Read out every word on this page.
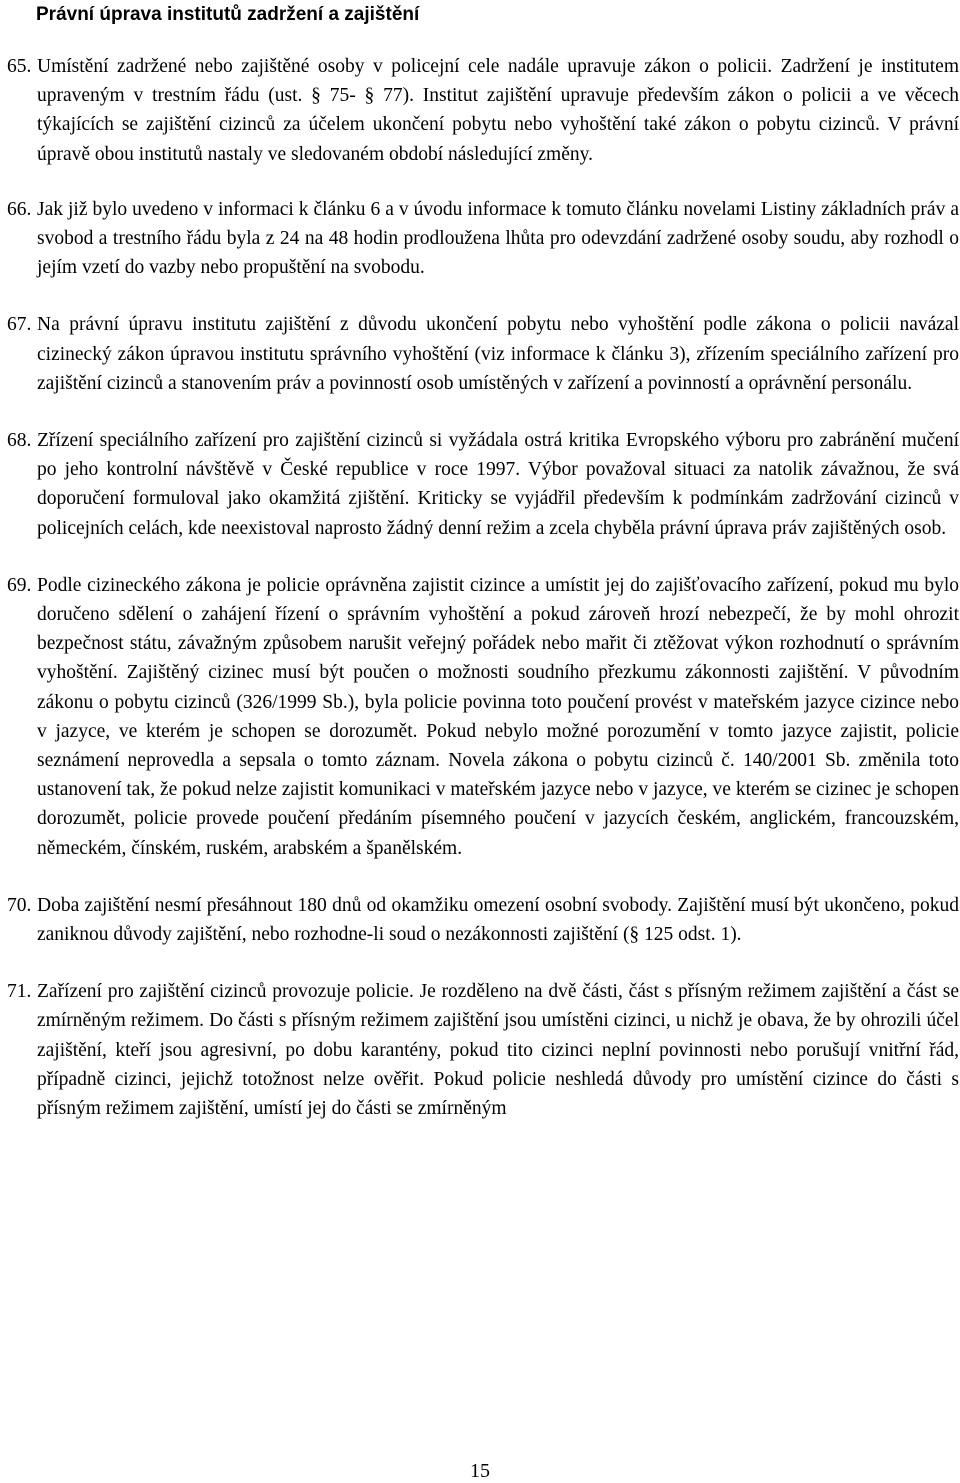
Právní úprava institutů zadržení a zajištění

65. Umístění zadržené nebo zajištěné osoby v policejní cele nadále upravuje zákon o policii. Zadržení je institutem upraveným v trestním řádu (ust. § 75- § 77). Institut zajištění upravuje především zákon o policii a ve věcech týkajících se zajištění cizinců za účelem ukončení pobytu nebo vyhoštění také zákon o pobytu cizinců. V právní úpravě obou institutů nastaly ve sledovaném období následující změny.

66. Jak již bylo uvedeno v informaci k článku 6 a v úvodu informace k tomuto článku novelami Listiny základních práv a svobod a trestního řádu byla z 24 na 48 hodin prodloužena lhůta pro odevzdání zadržené osoby soudu, aby rozhodl o jejím vzetí do vazby nebo propuštění na svobodu.

67. Na právní úpravu institutu zajištění z důvodu ukončení pobytu nebo vyhoštění podle zákona o policii navázal cizinecký zákon úpravou institutu správního vyhoštění (viz informace k článku 3), zřízením speciálního zařízení pro zajištění cizinců a stanovením práv a povinností osob umístěných v zařízení a povinností a oprávnění personálu.

68. Zřízení speciálního zařízení pro zajištění cizinců si vyžádala ostrá kritika Evropského výboru pro zabránění mučení po jeho kontrolní návštěvě v České republice v roce 1997. Výbor považoval situaci za natolik závažnou, že svá doporučení formuloval jako okamžitá zjištění. Kriticky se vyjádřil především k podmínkám zadržování cizinců v policejních celách, kde neexistoval naprosto žádný denní režim a zcela chyběla právní úprava práv zajištěných osob.

69. Podle cizineckého zákona je policie oprávněna zajistit cizince a umístit jej do zajišťovacího zařízení, pokud mu bylo doručeno sdělení o zahájení řízení o správním vyhoštění a pokud zároveň hrozí nebezpečí, že by mohl ohrozit bezpečnost státu, závažným způsobem narušit veřejný pořádek nebo mařit či ztěžovat výkon rozhodnutí o správním vyhoštění. Zajištěný cizinec musí být poučen o možnosti soudního přezkumu zákonnosti zajištění. V původním zákonu o pobytu cizinců (326/1999 Sb.), byla policie povinna toto poučení provést v mateřském jazyce cizince nebo v jazyce, ve kterém je schopen se dorozumět. Pokud nebylo možné porozumění v tomto jazyce zajistit, policie seznámení neprovedla a sepsala o tomto záznam. Novela zákona o pobytu cizinců č. 140/2001 Sb. změnila toto ustanovení tak, že pokud nelze zajistit komunikaci v mateřském jazyce nebo v jazyce, ve kterém se cizinec je schopen dorozumět, policie provede poučení předáním písemného poučení v jazycích českém, anglickém, francouzském, německém, čínském, ruském, arabském a španělském.

70. Doba zajištění nesmí přesáhnout 180 dnů od okamžiku omezení osobní svobody. Zajištění musí být ukončeno, pokud zaniknou důvody zajištění, nebo rozhodne-li soud o nezákonnosti zajištění (§ 125 odst. 1).

71. Zařízení pro zajištění cizinců provozuje policie. Je rozděleno na dvě části, část s přísným režimem zajištění a část se zmírněným režimem. Do části s přísným režimem zajištění jsou umístěni cizinci, u nichž je obava, že by ohrozili účel zajištění, kteří jsou agresivní, po dobu karantény, pokud tito cizinci neplní povinnosti nebo porušují vnitřní řád, případně cizinci, jejichž totožnost nelze ověřit. Pokud policie neshledá důvody pro umístění cizince do části s přísným režimem zajištění, umístí jej do části se zmírněným

15
